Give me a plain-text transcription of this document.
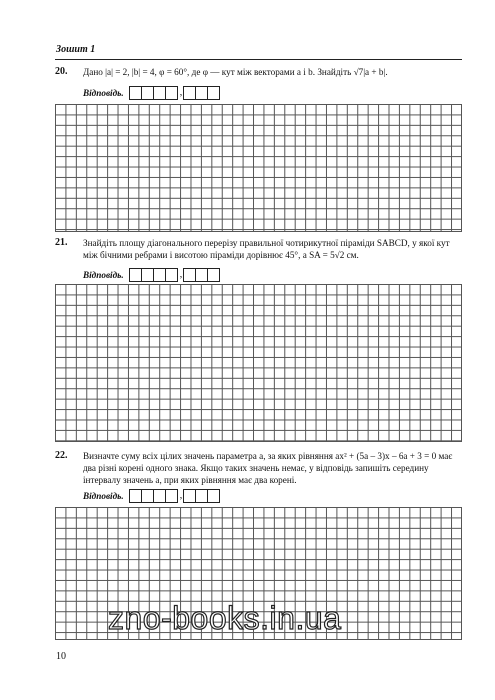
Зошит 1
20. Дано |a| = 2, |b| = 4, φ = 60°, де φ — кут між векторами a і b. Знайдіть √7|a + b|.
Відповідь.	,
21. Знайдіть площу діагонального перерізу правильної чотирикутної піраміди SABCD, у якої кут між бічними ребрами і висотою піраміди дорівнює 45°, а SA = 5√2 см.
Відповідь.	,
22. Визначте суму всіх цілих значень параметра a, за яких рівняння ax² + (5a – 3)x – 6a + 3 = 0 має два різні корені одного знака. Якщо таких значень немає, у відповідь запишіть середину інтервалу значень a, при яких рівняння має два корені.
Відповідь.	,
zno-books.in.ua
10
